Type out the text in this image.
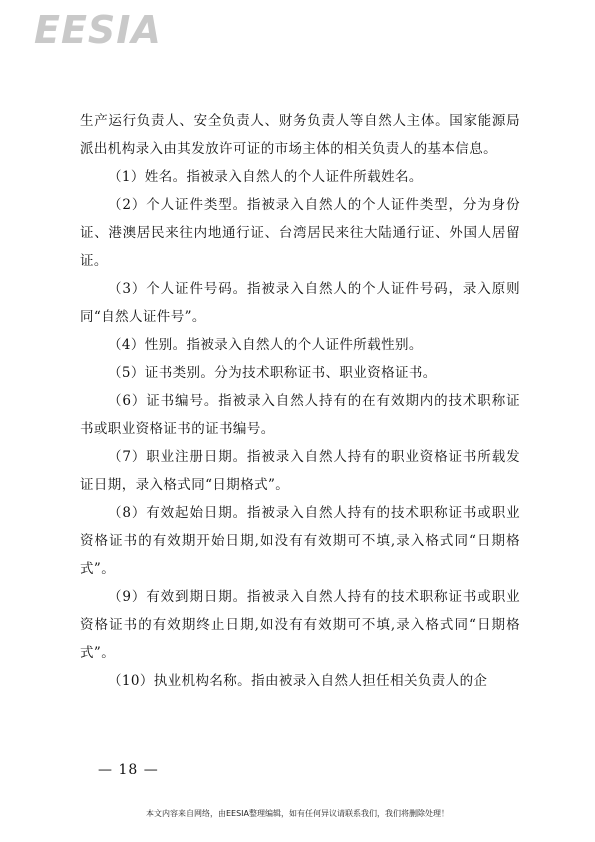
EESIA

生产运行负责人、安全负责人、财务负责人等自然人主体。国家能源局派出机构录入由其发放许可证的市场主体的相关负责人的基本信息。

（1）姓名。指被录入自然人的个人证件所载姓名。

（2）个人证件类型。指被录入自然人的个人证件类型，分为身份证、港澳居民来往内地通行证、台湾居民来往大陆通行证、外国人居留证。

（3）个人证件号码。指被录入自然人的个人证件号码，录入原则同“自然人证件号”。

（4）性别。指被录入自然人的个人证件所载性别。

（5）证书类别。分为技术职称证书、职业资格证书。

（6）证书编号。指被录入自然人持有的在有效期内的技术职称证书或职业资格证书的证书编号。

（7）职业注册日期。指被录入自然人持有的职业资格证书所载发证日期，录入格式同“日期格式”。

（8）有效起始日期。指被录入自然人持有的技术职称证书或职业资格证书的有效期开始日期,如没有有效期可不填,录入格式同“日期格式”。

（9）有效到期日期。指被录入自然人持有的技术职称证书或职业资格证书的有效期终止日期,如没有有效期可不填,录入格式同“日期格式”。

（10）执业机构名称。指由被录入自然人担任相关负责人的企

— 18 —
本文内容来自网络，由EESIA整理编辑，如有任何异议请联系我们，我们将删除处理！
